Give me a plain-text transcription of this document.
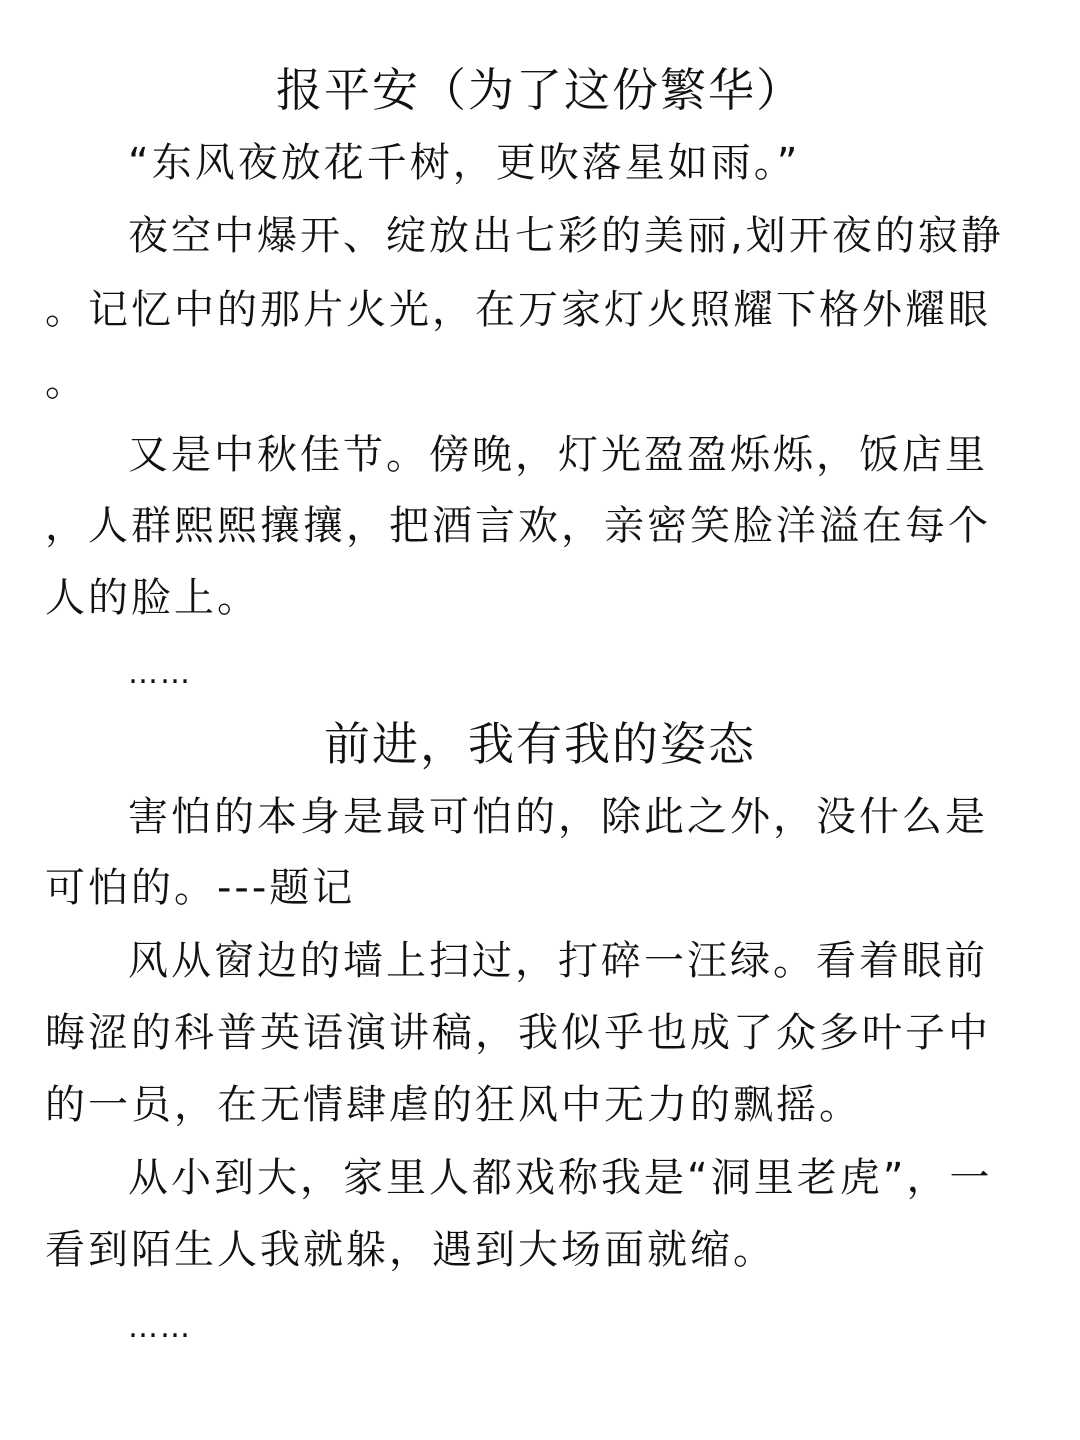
报平安（为了这份繁华）
“东风夜放花千树，更吹落星如雨。”
夜空中爆开、绽放出七彩的美丽,划开夜的寂静
。记忆中的那片火光，在万家灯火照耀下格外耀眼
。
又是中秋佳节。傍晚，灯光盈盈烁烁，饭店里
，人群熙熙攘攘，把酒言欢，亲密笑脸洋溢在每个
人的脸上。
……
前进，我有我的姿态
害怕的本身是最可怕的，除此之外，没什么是
可怕的。---题记
风从窗边的墙上扫过，打碎一汪绿。看着眼前
晦涩的科普英语演讲稿，我似乎也成了众多叶子中
的一员，在无情肆虐的狂风中无力的飘摇。
从小到大，家里人都戏称我是“洞里老虎”，一
看到陌生人我就躲，遇到大场面就缩。
……
